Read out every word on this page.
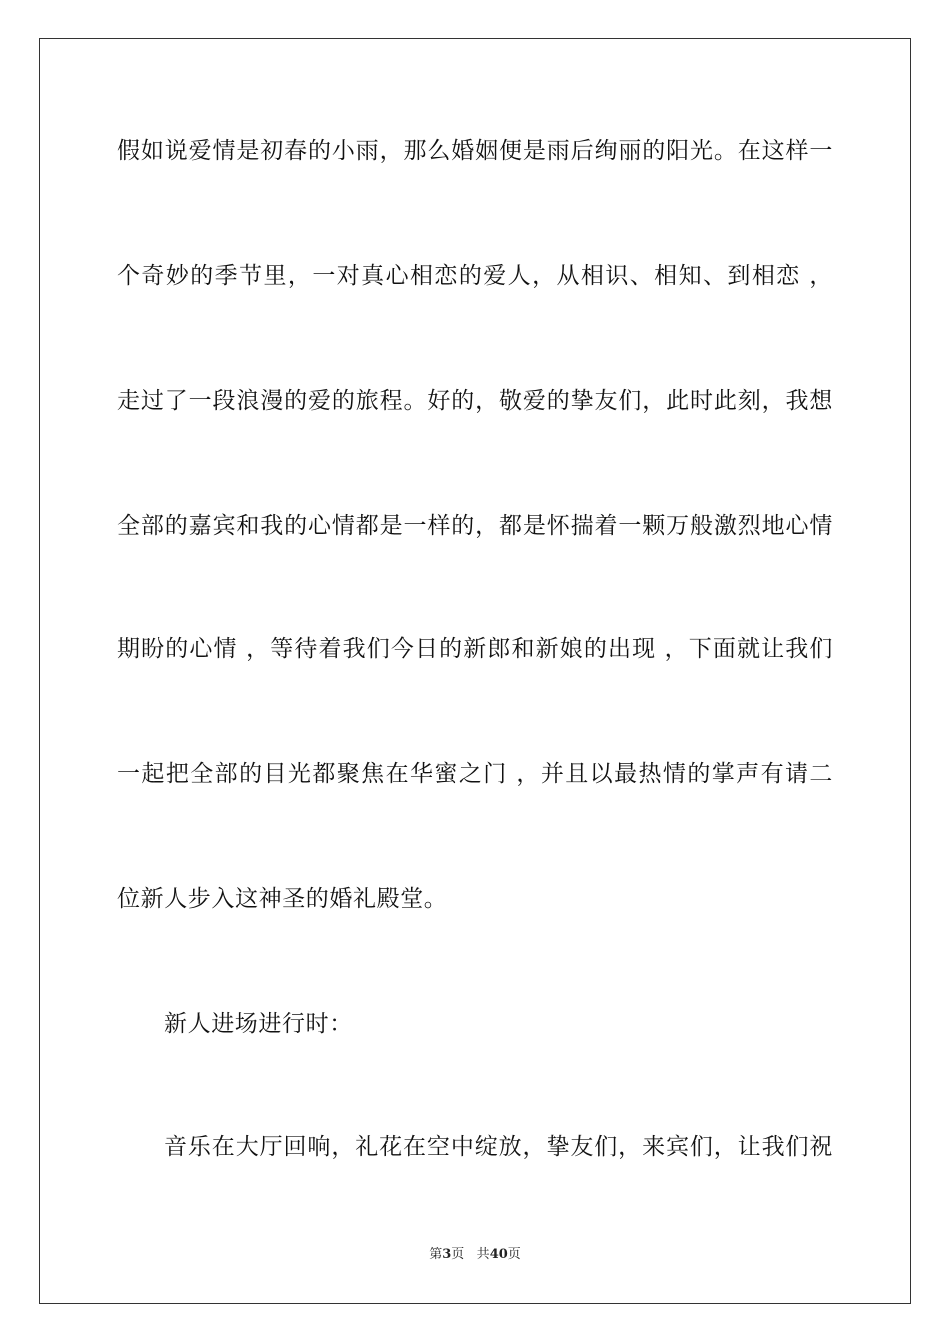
假如说爱情是初春的小雨，那么婚姻便是雨后绚丽的阳光。在这样一
个奇妙的季节里，一对真心相恋的爱人，从相识、相知、到相恋 ，
走过了一段浪漫的爱的旅程。好的，敬爱的挚友们，此时此刻，我想
全部的嘉宾和我的心情都是一样的，都是怀揣着一颗万般激烈地心情
期盼的心情 ，等待着我们今日的新郎和新娘的出现 ，下面就让我们
一起把全部的目光都聚焦在华蜜之门 ，并且以最热情的掌声有请二
位新人步入这神圣的婚礼殿堂。
新人进场进行时：
音乐在大厅回响，礼花在空中绽放，挚友们，来宾们，让我们祝
第3页 共40页
